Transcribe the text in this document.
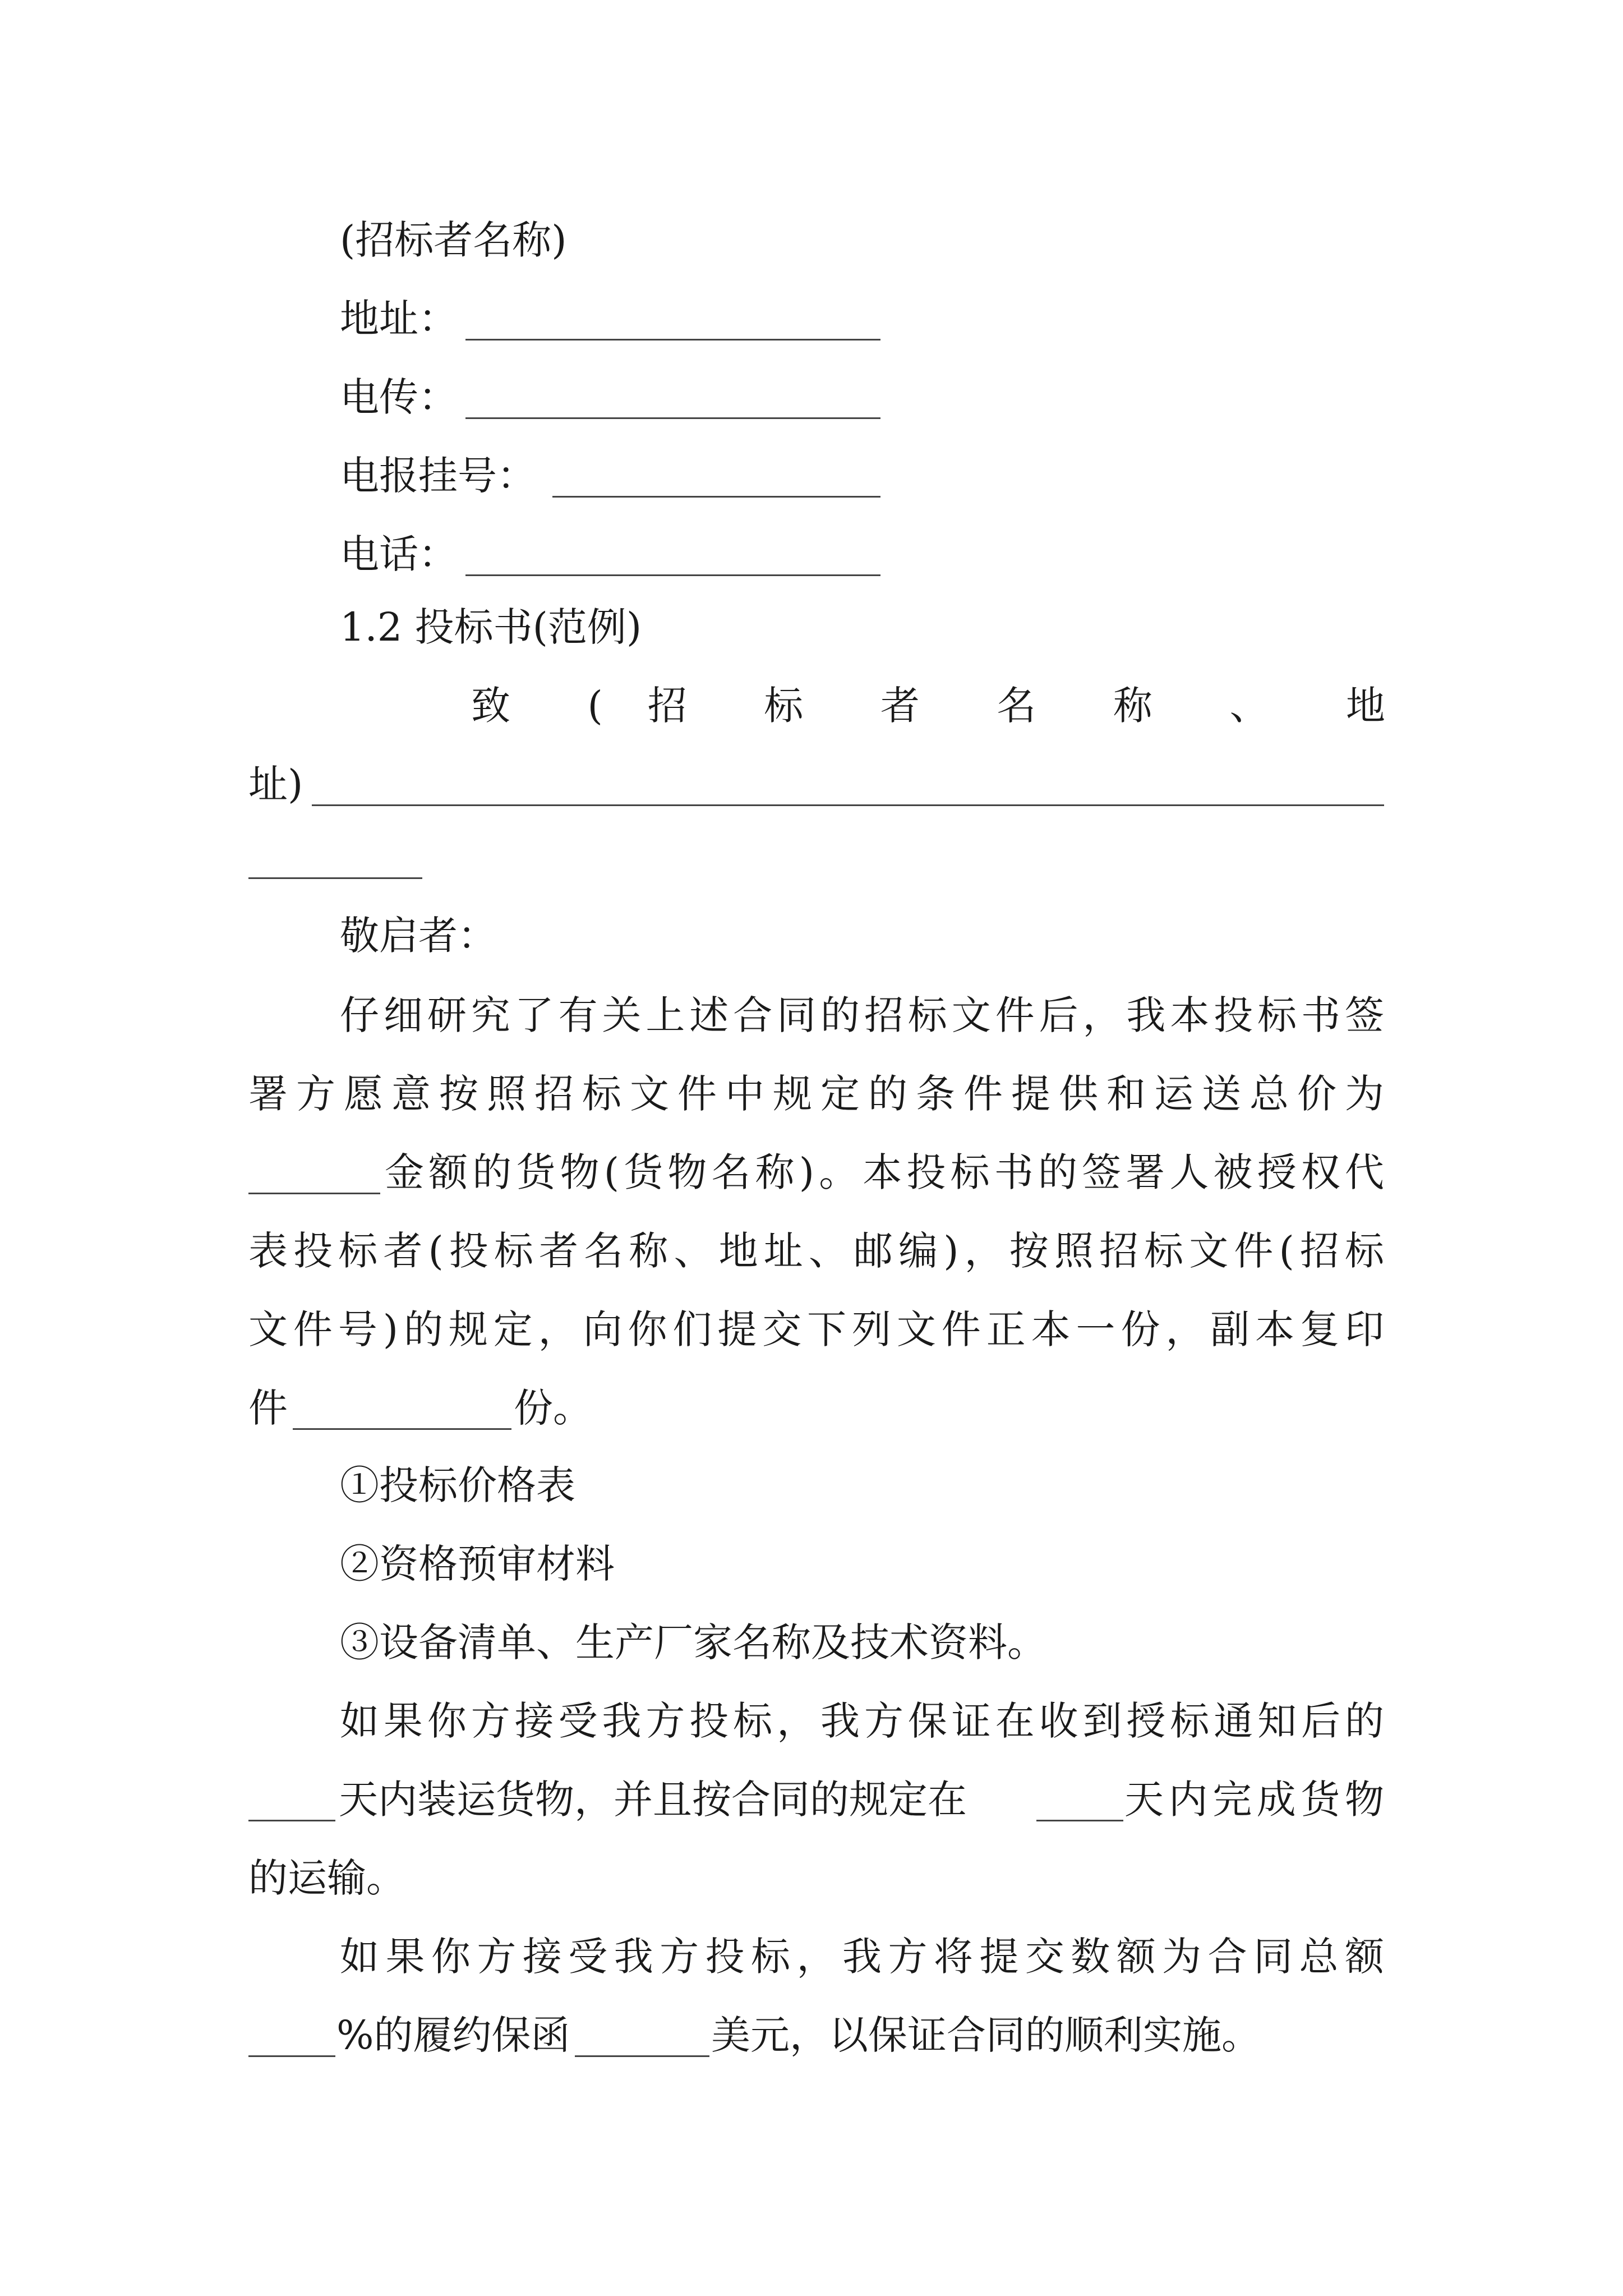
(招标者名称)
地址：
电传：
电报挂号：
电话：
1.2 投标书(范例)
致 ( 招 标 者 名 称 、 地
址)
敬启者：
仔细研究了有关上述合同的招标文件后，我本投标书签
署方愿意按照招标文件中规定的条件提供和运送总价为
金额的货物(货物名称)。本投标书的签署人被授权代
表投标者(投标者名称、地址、邮编)，按照招标文件(招标
文件号)的规定，向你们提交下列文件正本一份，副本复印
件	份。
①投标价格表
②资格预审材料
③设备清单、生产厂家名称及技术资料。
如果你方接受我方投标，我方保证在收到授标通知后的
天内装运货物，并且按合同的规定在	天内完成货物
的运输。
如果你方接受我方投标，我方将提交数额为合同总额
%的履约保函	美元，以保证合同的顺利实施。
